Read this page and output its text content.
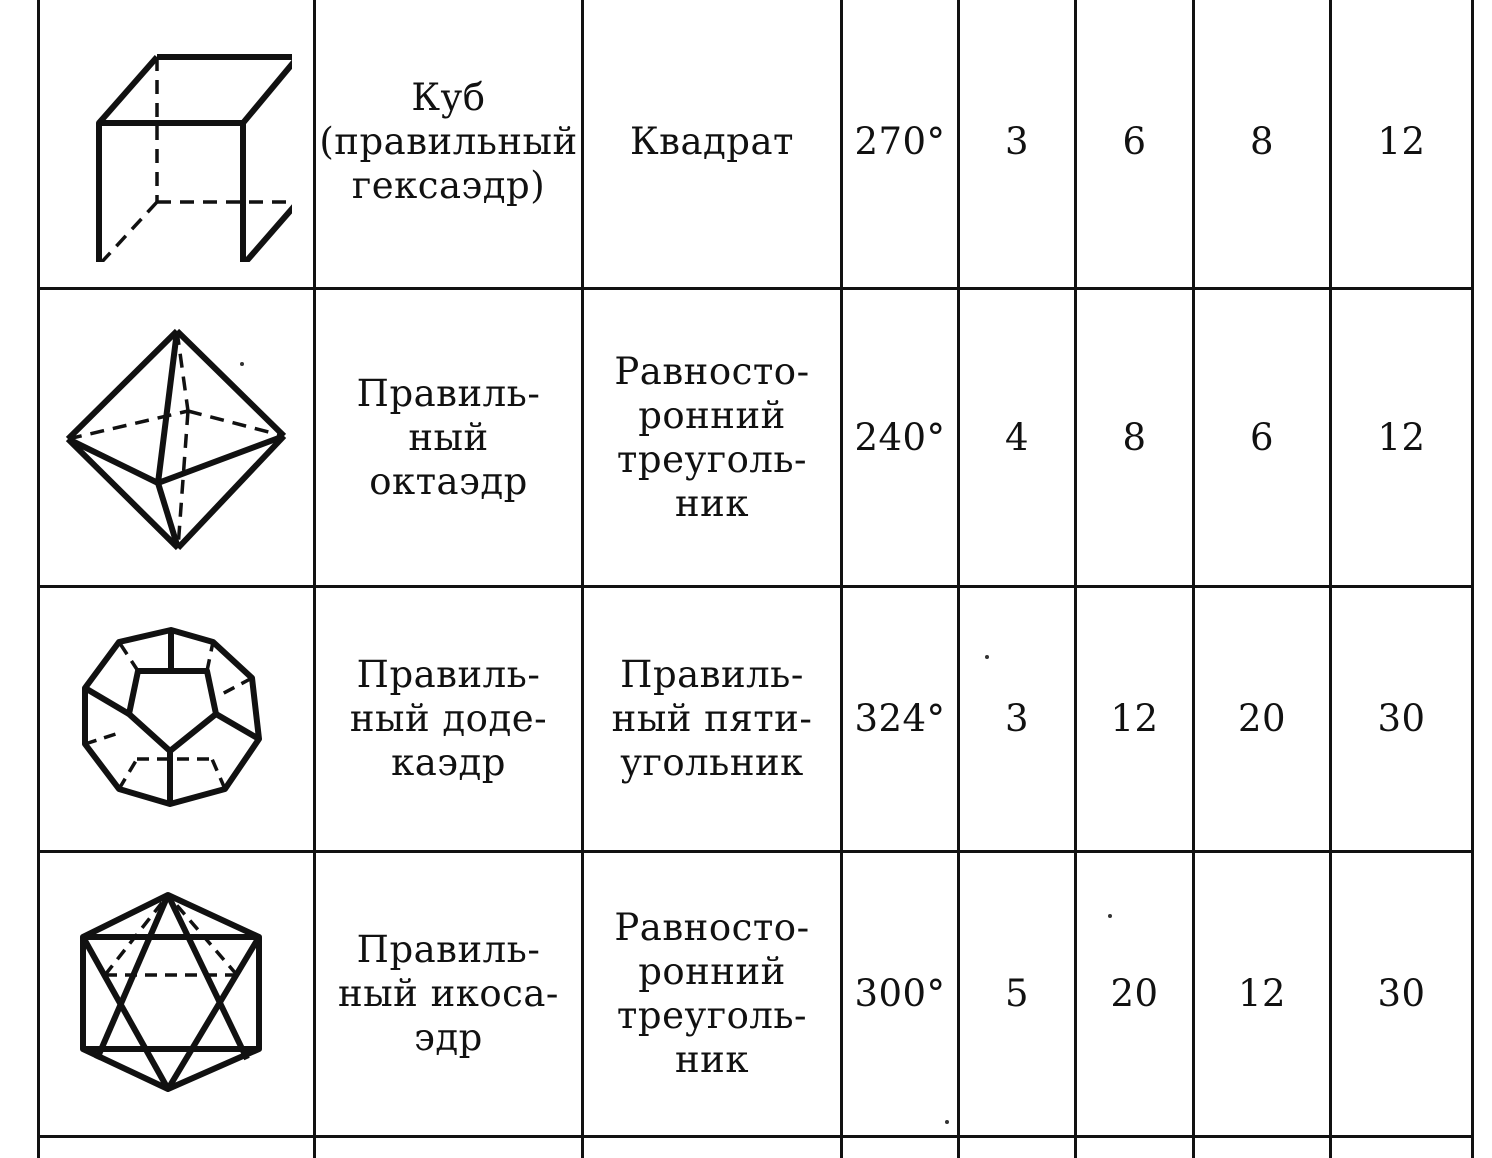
	Куб
(правильный
гексаэдр)	Квадрат	270°	3	6	8	12

	Правиль-
ный
октаэдр	Равносто-
ронний
треуголь-
ник	240°	4	8	6	12

	Правиль-
ный доде-
каэдр	Правиль-
ный пяти-
угольник	324°	3	12	20	30

	Правиль-
ный икоса-
эдр	Равносто-
ронний
треуголь-
ник	300°	5	20	12	30
